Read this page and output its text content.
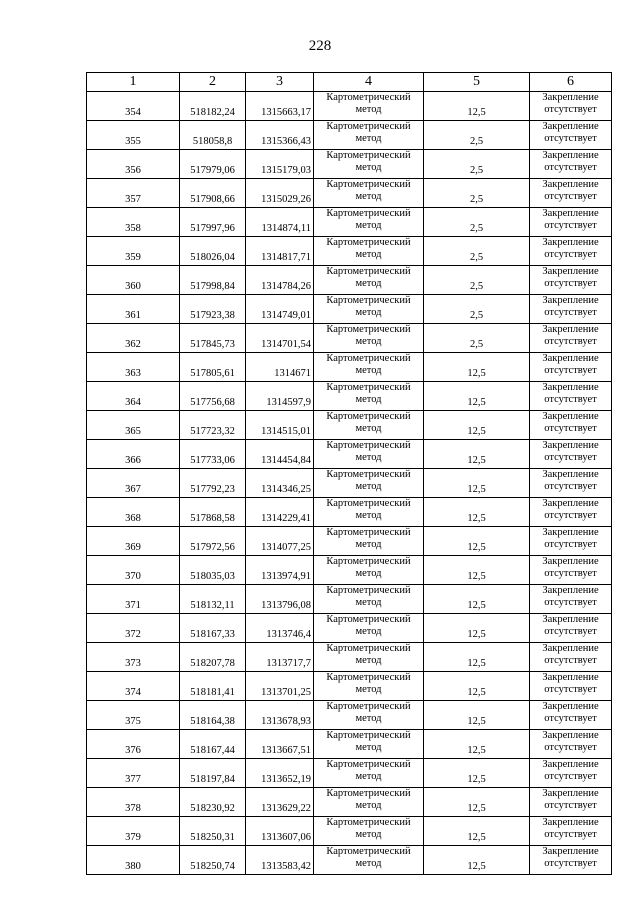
228
1	2	3	4	5	6
354	518182,24	1315663,17	Картометрический
метод	12,5	Закрепление
отсутствует

355	518058,8	1315366,43	Картометрический
метод	2,5	Закрепление
отсутствует

356	517979,06	1315179,03	Картометрический
метод	2,5	Закрепление
отсутствует

357	517908,66	1315029,26	Картометрический
метод	2,5	Закрепление
отсутствует

358	517997,96	1314874,11	Картометрический
метод	2,5	Закрепление
отсутствует

359	518026,04	1314817,71	Картометрический
метод	2,5	Закрепление
отсутствует

360	517998,84	1314784,26	Картометрический
метод	2,5	Закрепление
отсутствует

361	517923,38	1314749,01	Картометрический
метод	2,5	Закрепление
отсутствует

362	517845,73	1314701,54	Картометрический
метод	2,5	Закрепление
отсутствует

363	517805,61	1314671	Картометрический
метод	12,5	Закрепление
отсутствует

364	517756,68	1314597,9	Картометрический
метод	12,5	Закрепление
отсутствует

365	517723,32	1314515,01	Картометрический
метод	12,5	Закрепление
отсутствует

366	517733,06	1314454,84	Картометрический
метод	12,5	Закрепление
отсутствует

367	517792,23	1314346,25	Картометрический
метод	12,5	Закрепление
отсутствует

368	517868,58	1314229,41	Картометрический
метод	12,5	Закрепление
отсутствует

369	517972,56	1314077,25	Картометрический
метод	12,5	Закрепление
отсутствует

370	518035,03	1313974,91	Картометрический
метод	12,5	Закрепление
отсутствует

371	518132,11	1313796,08	Картометрический
метод	12,5	Закрепление
отсутствует

372	518167,33	1313746,4	Картометрический
метод	12,5	Закрепление
отсутствует

373	518207,78	1313717,7	Картометрический
метод	12,5	Закрепление
отсутствует

374	518181,41	1313701,25	Картометрический
метод	12,5	Закрепление
отсутствует

375	518164,38	1313678,93	Картометрический
метод	12,5	Закрепление
отсутствует

376	518167,44	1313667,51	Картометрический
метод	12,5	Закрепление
отсутствует

377	518197,84	1313652,19	Картометрический
метод	12,5	Закрепление
отсутствует

378	518230,92	1313629,22	Картометрический
метод	12,5	Закрепление
отсутствует

379	518250,31	1313607,06	Картометрический
метод	12,5	Закрепление
отсутствует

380	518250,74	1313583,42	Картометрический
метод	12,5	Закрепление
отсутствует
